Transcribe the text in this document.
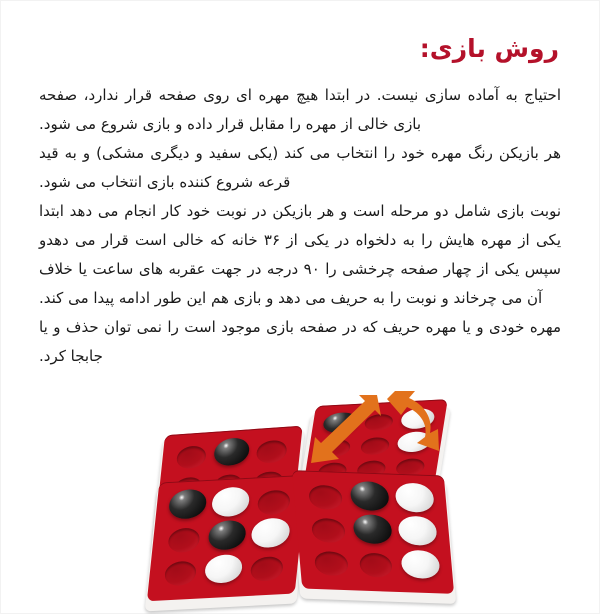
روش بازی:

احتیاج به آماده سازی نیست. در ابتدا هیچ مهره ای روی صفحه قرار ندارد، صفحه بازی خالی از مهره را مقابل قرار داده و بازی شروع می شود.

هر بازیکن رنگ مهره خود را انتخاب می کند (یکی سفید و دیگری مشکی) و به قید قرعه شروع کننده بازی انتخاب می شود.

نوبت بازی شامل دو مرحله است و هر بازیکن در نوبت خود کار انجام می دهد ابتدا یکی از مهره هایش را به دلخواه در یکی از ۳۶ خانه که خالی است قرار می دهدو سپس یکی از چهار صفحه چرخشی را ۹۰ درجه در جهت عقربه های ساعت یا خلاف آن می چرخاند و نوبت را به حریف می دهد و بازی هم این طور ادامه پیدا می کند.

مهره خودی و یا مهره حریف که در صفحه بازی موجود است را نمی توان حذف و یا جابجا کرد.
